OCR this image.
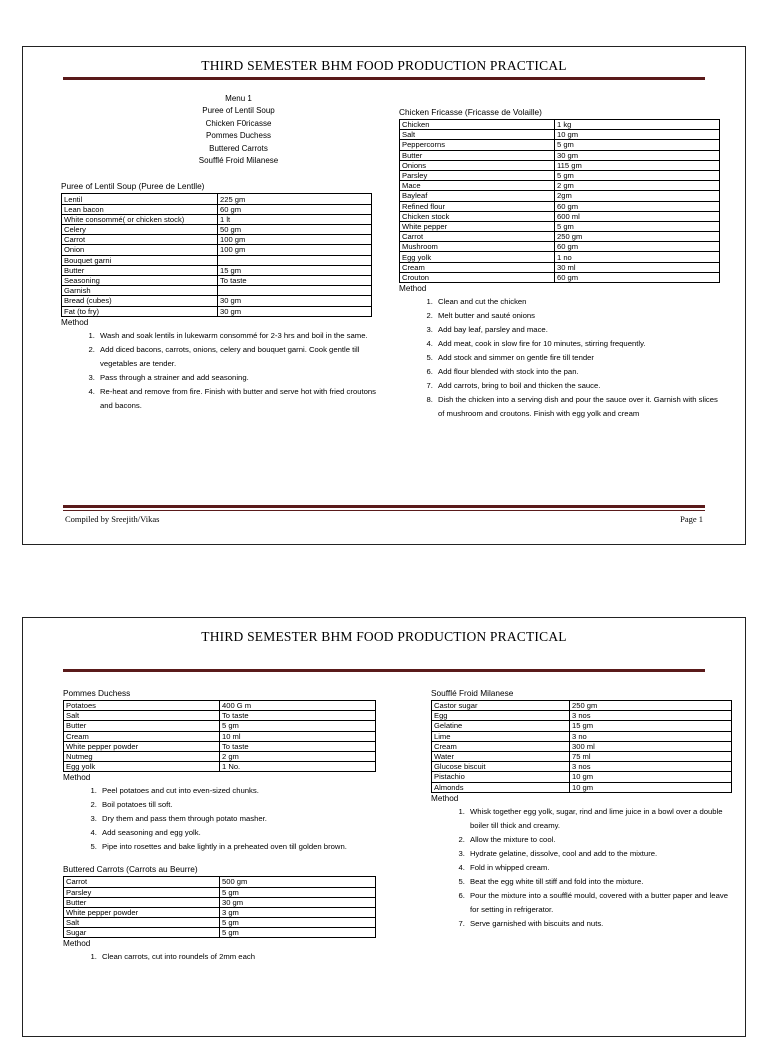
THIRD SEMESTER BHM FOOD PRODUCTION PRACTICAL
Menu 1
Puree of Lentil Soup
Chicken F0ricasse
Pommes Duchess
Buttered Carrots
Soufflé Froid Milanese
Puree of Lentil Soup (Puree de Lentlle)
Lentil	225 gm
Lean bacon	60 gm
White consommé( or chicken stock)	1 lt
Celery	50 gm
Carrot	100 gm
Onion	100 gm
Bouquet garni	
Butter	15 gm
Seasoning	To taste
Garnish	
Bread (cubes)	30 gm
Fat (to fry)	30 gm
Method
1. Wash and soak lentils in lukewarm consommé for 2-3 hrs and boil in the same.
2. Add diced bacons, carrots, onions, celery and bouquet garni. Cook gentle till vegetables are tender.
3. Pass through a strainer and add seasoning.
4. Re-heat and remove from fire. Finish with butter and serve hot with fried croutons and bacons.
Chicken Fricasse (Fricasse de Volaille)
Chicken	1 kg
Salt	10 gm
Peppercorns	5 gm
Butter	30 gm
Onions	115 gm
Parsley	5 gm
Mace	2 gm
Bayleaf	2gm
Refined flour	60 gm
Chicken stock	600 ml
White pepper	5 gm
Carrot	250 gm
Mushroom	60 gm
Egg yolk	1 no
Cream	30 ml
Crouton	60 gm
Method
1. Clean and cut the chicken
2. Melt butter and sauté onions
3. Add bay leaf, parsley and mace.
4. Add meat, cook in slow fire for 10 minutes, stirring frequently.
5. Add stock and simmer on gentle fire till tender
6. Add flour blended with stock into the pan.
7. Add carrots, bring to boil and thicken the sauce.
8. Dish the chicken into a serving dish and pour the sauce over it. Garnish with slices of mushroom and croutons. Finish with egg yolk and cream
Compiled by Sreejith/Vikas	Page 1
THIRD SEMESTER BHM FOOD PRODUCTION PRACTICAL
Pommes Duchess
Potatoes	400 G m
Salt	To taste
Butter	5 gm
Cream	10 ml
White pepper powder	To taste
Nutmeg	2 gm
Egg yolk	1 No.
Method
1. Peel potatoes and cut into even-sized chunks.
2. Boil potatoes till soft.
3. Dry them and pass them through potato masher.
4. Add seasoning and egg yolk.
5. Pipe into rosettes and bake lightly in a preheated oven till golden brown.
Buttered Carrots (Carrots au Beurre)
Carrot	500 gm
Parsley	5 gm
Butter	30 gm
White pepper powder	3 gm
Salt	5 gm
Sugar	5 gm
Method
1. Clean carrots, cut into roundels of 2mm each
Soufflé Froid Milanese
Castor sugar	250 gm
Egg	3 nos
Gelatine	15 gm
Lime	3 no
Cream	300 ml
Water	75 ml
Glucose biscuit	3 nos
Pistachio	10 gm
Almonds	10 gm
Method
1. Whisk together egg yolk, sugar, rind and lime juice in a bowl over a double boiler till thick and creamy.
2. Allow the mixture to cool.
3. Hydrate gelatine, dissolve, cool and add to the mixture.
4. Fold in whipped cream.
5. Beat the egg white till stiff and fold into the mixture.
6. Pour the mixture into a soufflé mould, covered with a butter paper and leave for setting in refrigerator.
7. Serve garnished with biscuits and nuts.
